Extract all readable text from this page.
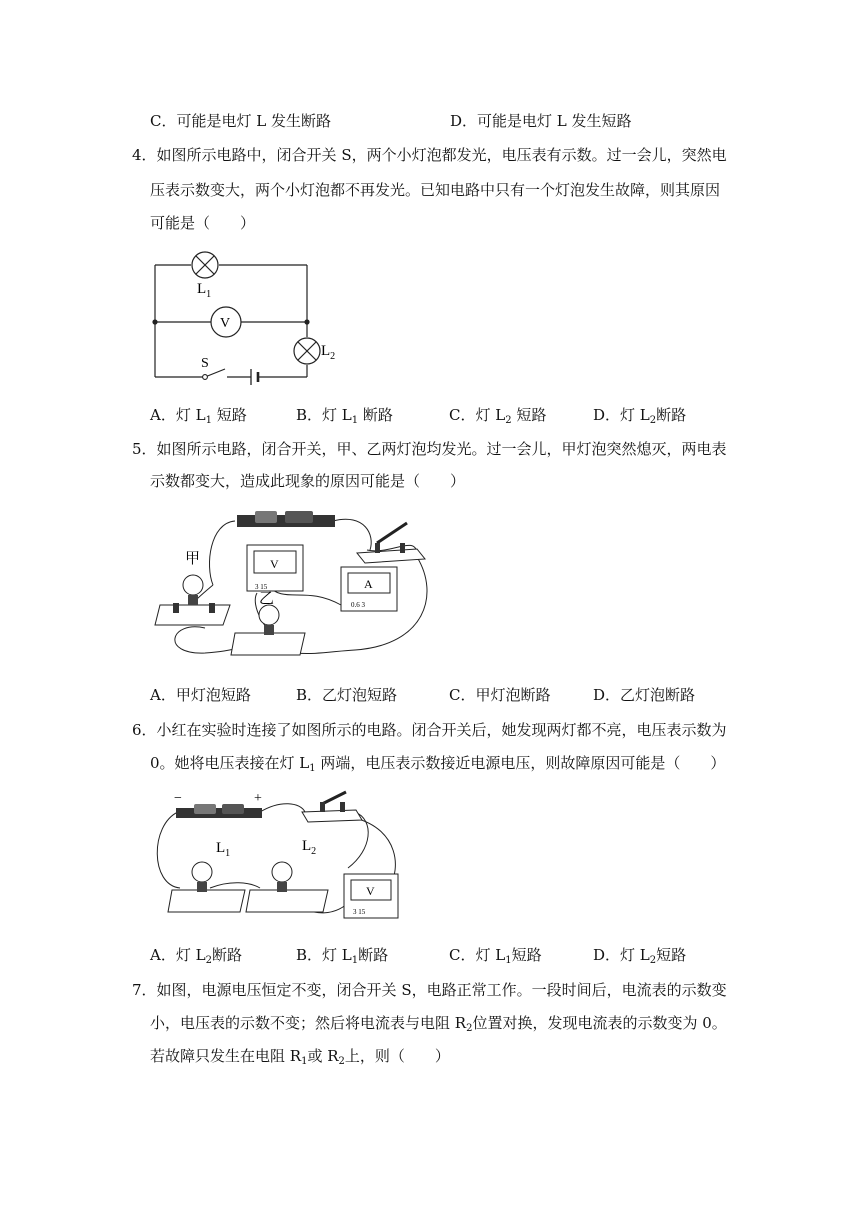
C．可能是电灯 L 发生断路	D．可能是电灯 L 发生短路
4．如图所示电路中，闭合开关 S，两个小灯泡都发光，电压表有示数。过一会儿，突然电
压表示数变大，两个小灯泡都不再发光。已知电路中只有一个灯泡发生故障，则其原因
可能是（　　）
$L_1$
V
$L_2$
S
A．灯 $L_1$ 短路	B．灯 $L_1$ 断路	C．灯 $L_2$ 短路	D．灯 $L_2$断路
5．如图所示电路，闭合开关，甲、乙两灯泡均发光。过一会儿，甲灯泡突然熄灭，两电表
示数都变大，造成此现象的原因可能是（　　）
甲	V
3 15
乙
A
0.6 3
A．甲灯泡短路	B．乙灯泡短路	C．甲灯泡断路	D．乙灯泡断路
6．小红在实验时连接了如图所示的电路。闭合开关后，她发现两灯都不亮，电压表示数为
0。她将电压表接在灯 $L_1$ 两端，电压表示数接近电源电压，则故障原因可能是（　　）
−	+
$L_1$	$L_2$
V
3 15
A．灯 $L_2$断路	B．灯 $L_1$断路	C．灯 $L_1$短路	D．灯 $L_2$短路
7．如图，电源电压恒定不变，闭合开关 S，电路正常工作。一段时间后，电流表的示数变
小，电压表的示数不变；然后将电流表与电阻 $R_2$位置对换，发现电流表的示数变为 0。
若故障只发生在电阻 $R_1$或 $R_2$上，则（　　）
